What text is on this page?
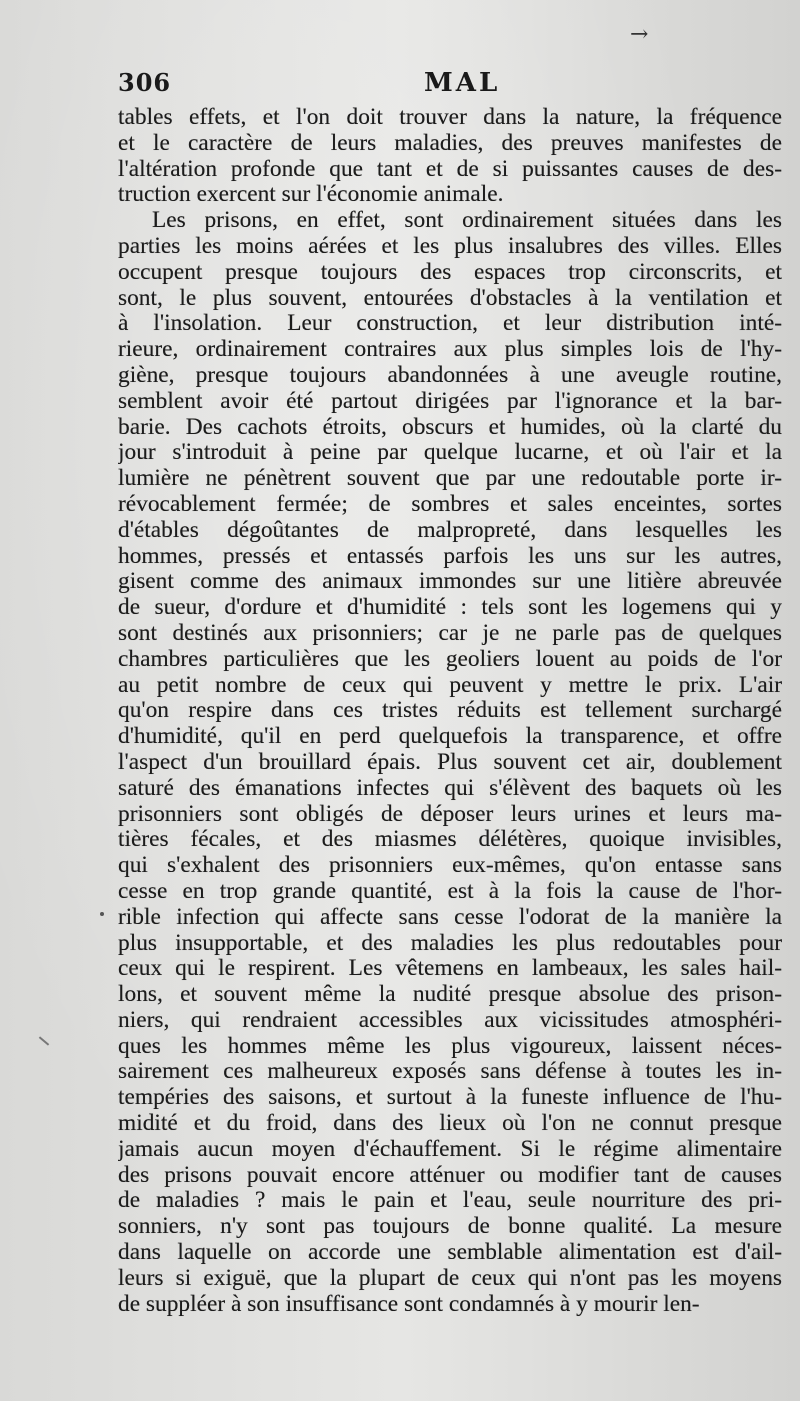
→
306	MAL
tables effets, et l'on doit trouver dans la nature, la fréquence
et le caractère de leurs maladies, des preuves manifestes de
l'altération profonde que tant et de si puissantes causes de des-
truction exercent sur l'économie animale.
Les prisons, en effet, sont ordinairement situées dans les
parties les moins aérées et les plus insalubres des villes. Elles
occupent presque toujours des espaces trop circonscrits, et
sont, le plus souvent, entourées d'obstacles à la ventilation et
à l'insolation. Leur construction, et leur distribution inté-
rieure, ordinairement contraires aux plus simples lois de l'hy-
giène, presque toujours abandonnées à une aveugle routine,
semblent avoir été partout dirigées par l'ignorance et la bar-
barie. Des cachots étroits, obscurs et humides, où la clarté du
jour s'introduit à peine par quelque lucarne, et où l'air et la
lumière ne pénètrent souvent que par une redoutable porte ir-
révocablement fermée; de sombres et sales enceintes, sortes
d'étables dégoûtantes de malpropreté, dans lesquelles les
hommes, pressés et entassés parfois les uns sur les autres,
gisent comme des animaux immondes sur une litière abreuvée
de sueur, d'ordure et d'humidité : tels sont les logemens qui y
sont destinés aux prisonniers; car je ne parle pas de quelques
chambres particulières que les geoliers louent au poids de l'or
au petit nombre de ceux qui peuvent y mettre le prix. L'air
qu'on respire dans ces tristes réduits est tellement surchargé
d'humidité, qu'il en perd quelquefois la transparence, et offre
l'aspect d'un brouillard épais. Plus souvent cet air, doublement
saturé des émanations infectes qui s'élèvent des baquets où les
prisonniers sont obligés de déposer leurs urines et leurs ma-
tières fécales, et des miasmes délétères, quoique invisibles,
qui s'exhalent des prisonniers eux-mêmes, qu'on entasse sans
cesse en trop grande quantité, est à la fois la cause de l'hor-
rible infection qui affecte sans cesse l'odorat de la manière la
plus insupportable, et des maladies les plus redoutables pour
ceux qui le respirent. Les vêtemens en lambeaux, les sales hail-
lons, et souvent même la nudité presque absolue des prison-
niers, qui rendraient accessibles aux vicissitudes atmosphéri-
ques les hommes même les plus vigoureux, laissent néces-
sairement ces malheureux exposés sans défense à toutes les in-
tempéries des saisons, et surtout à la funeste influence de l'hu-
midité et du froid, dans des lieux où l'on ne connut presque
jamais aucun moyen d'échauffement. Si le régime alimentaire
des prisons pouvait encore atténuer ou modifier tant de causes
de maladies ? mais le pain et l'eau, seule nourriture des pri-
sonniers, n'y sont pas toujours de bonne qualité. La mesure
dans laquelle on accorde une semblable alimentation est d'ail-
leurs si exiguë, que la plupart de ceux qui n'ont pas les moyens
de suppléer à son insuffisance sont condamnés à y mourir len-
